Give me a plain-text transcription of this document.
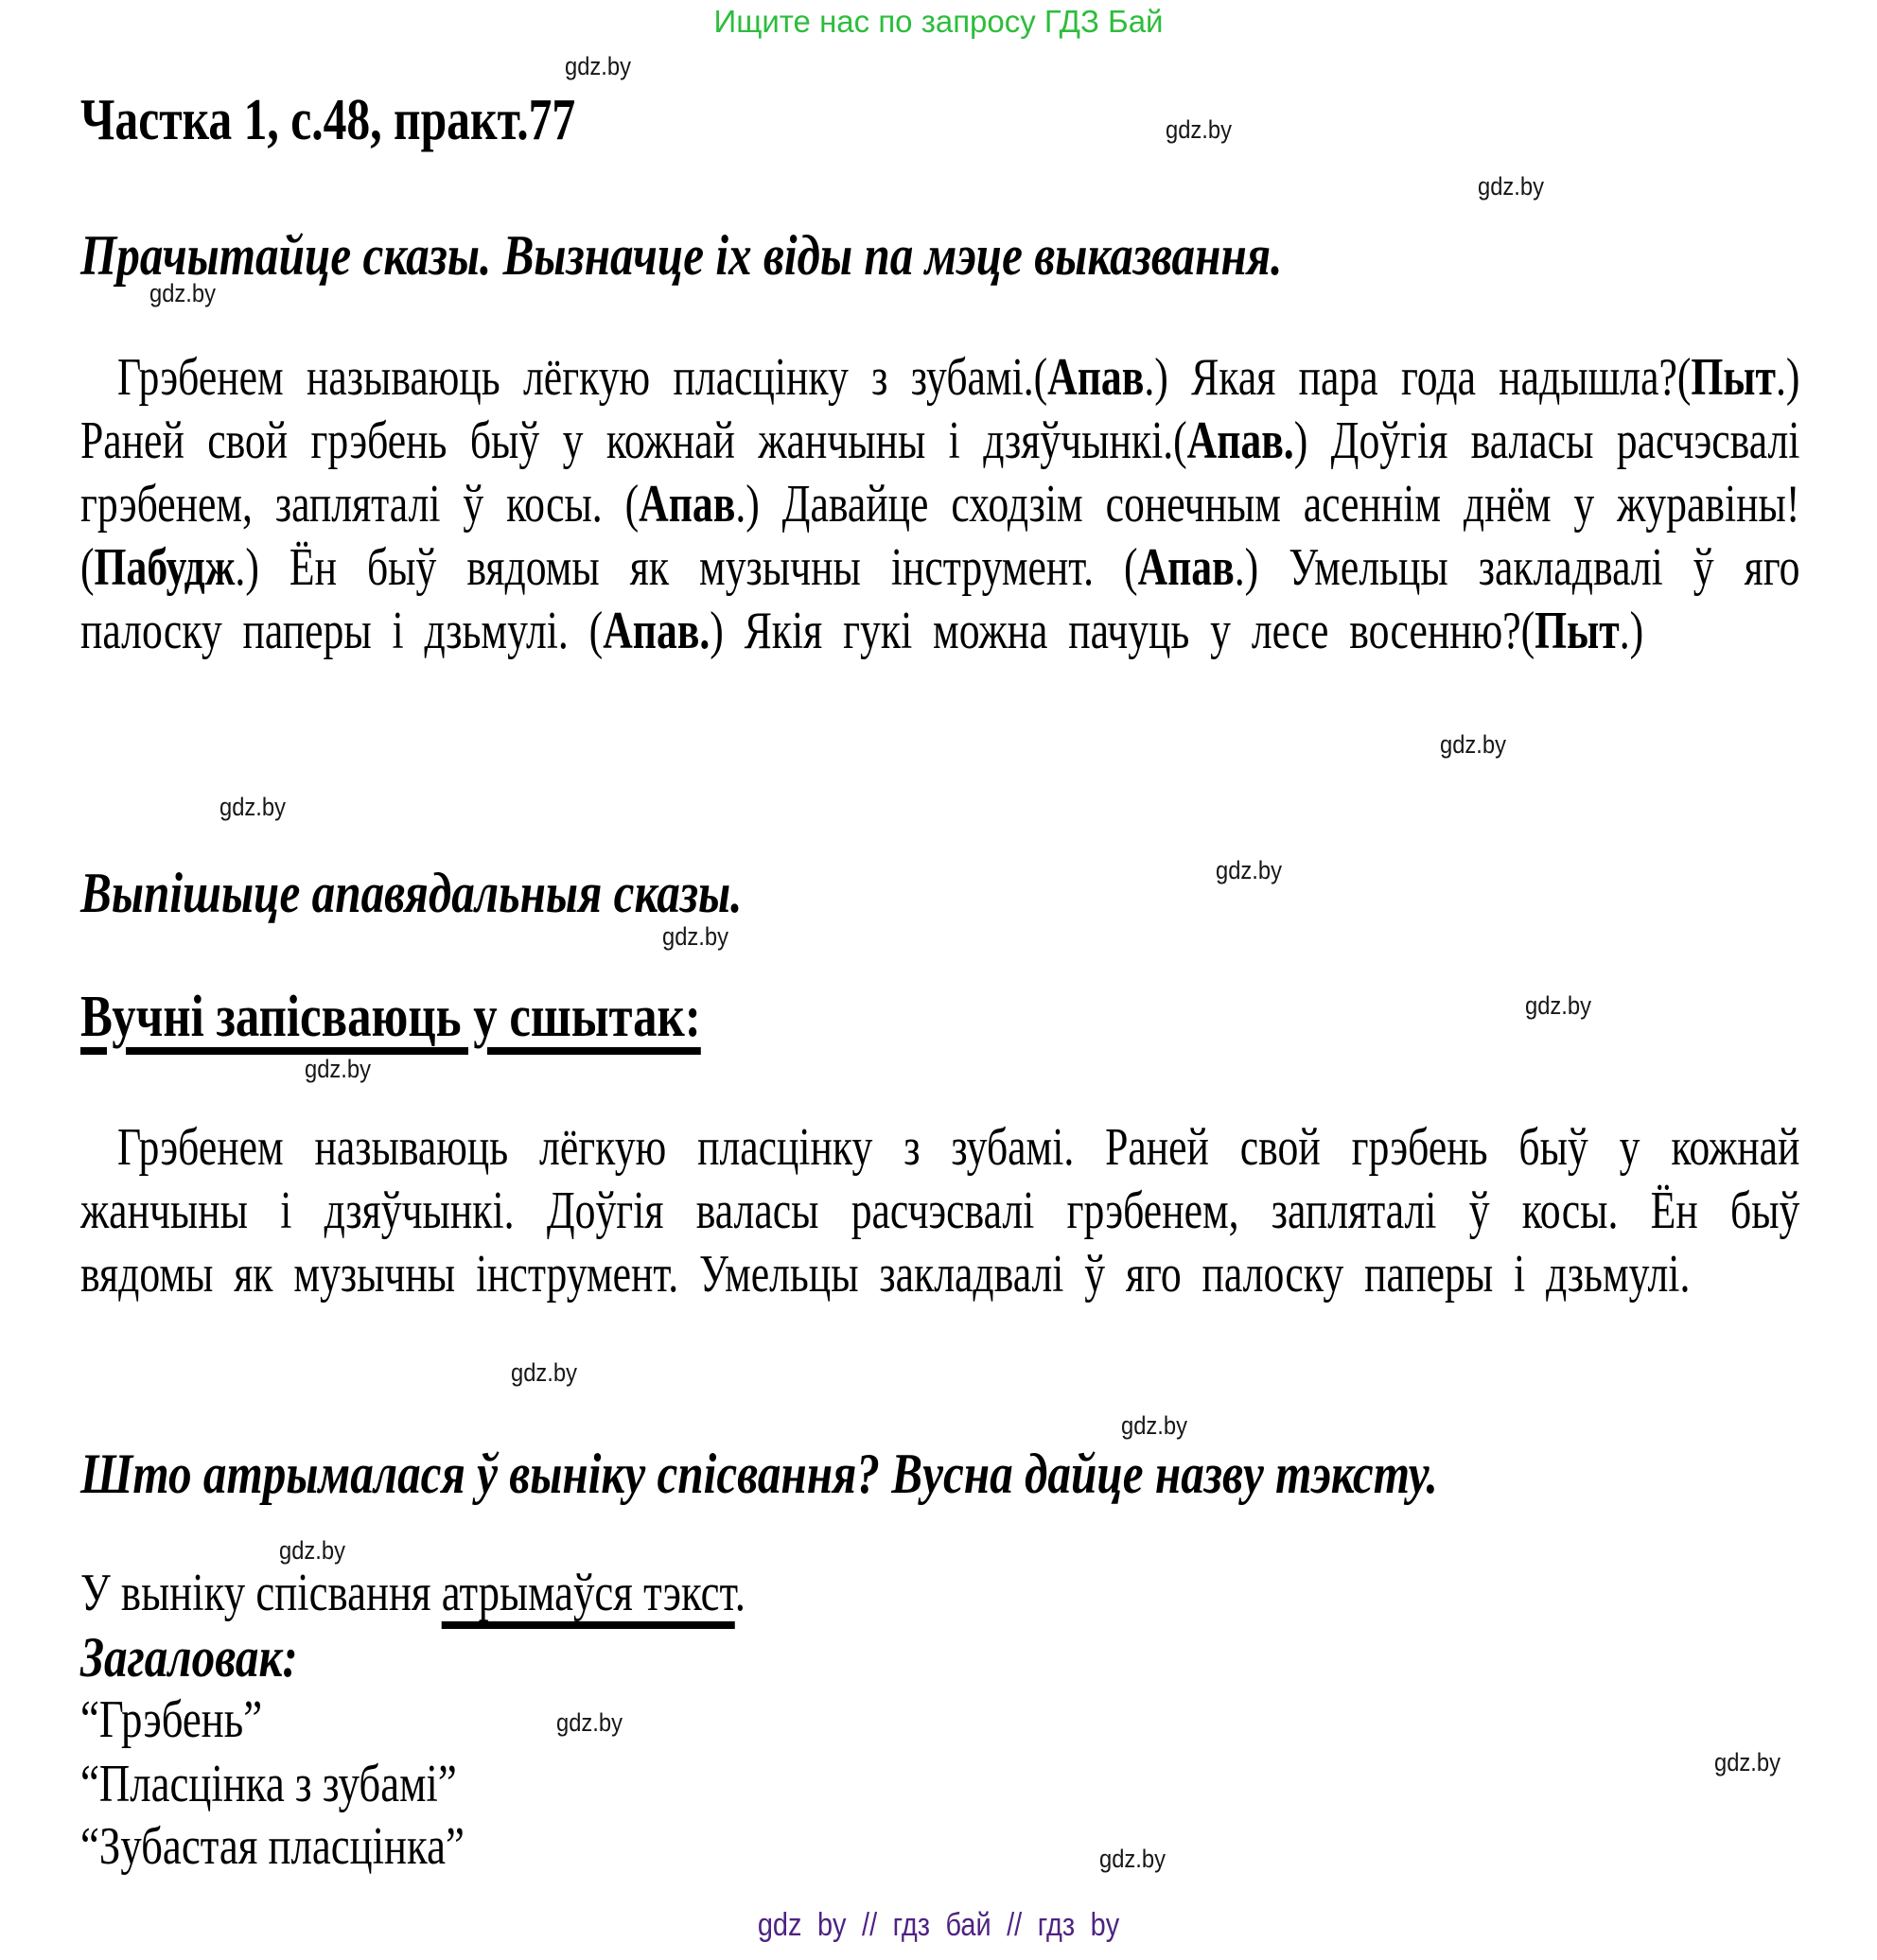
Ищите нас по запросу ГДЗ Бай
gdz.by
gdz.by
gdz.by
gdz.by
gdz.by
gdz.by
gdz.by
gdz.by
gdz.by
gdz.by
gdz.by
gdz.by
gdz.by
gdz.by
gdz.by
gdz.by
Частка 1, с.48, практ.77
Прачытайце сказы. Вызначце іх віды па мэце выказвання.
Грэбенем называюць лёгкую пласцінку з зубамі.(Апав.) Якая пара года надышла?(Пыт.) Раней свой грэбень быў у кожнай жанчыны і дзяўчынкі.(Апав.) Доўгія валасы расчэсвалі грэбенем, запляталі ў косы. (Апав.) Давайце сходзім сонечным асеннім днём у журавіны!(Пабудж.) Ён быў вядомы як музычны інструмент. (Апав.) Умельцы закладвалі ў яго палоску паперы і дзьмулі. (Апав.) Якія гукі можна пачуць у лесе восенню?(Пыт.)
Выпішыце апавядальныя сказы.
Вучні запісваюць у сшытак:
Грэбенем называюць лёгкую пласцінку з зубамі. Раней свой грэбень быў у кожнай жанчыны і дзяўчынкі. Доўгія валасы расчэсвалі грэбенем, запляталі ў косы. Ён быў вядомы як музычны інструмент. Умельцы закладвалі ў яго палоску паперы і дзьмулі.
Што атрымалася ў выніку спісвання? Вусна дайце назву тэксту.
У выніку спісвання атрымаўся тэкст.
Загаловак:
“Грэбень”
“Пласцінка з зубамі”
“Зубастая пласцінка”
gdz by // гдз бай // гдз by
